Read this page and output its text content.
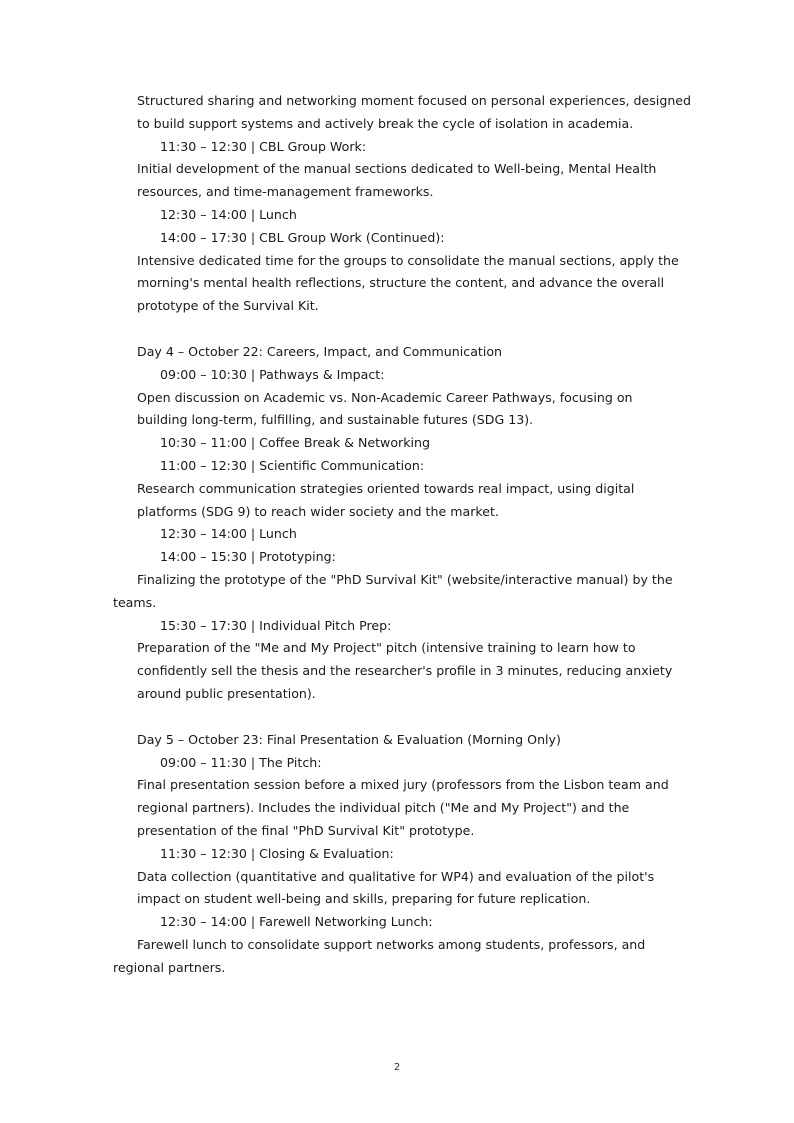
Structured sharing and networking moment focused on personal experiences, designed
to build support systems and actively break the cycle of isolation in academia.
11:30 – 12:30 | CBL Group Work:
Initial development of the manual sections dedicated to Well-being, Mental Health
resources, and time-management frameworks.
12:30 – 14:00 | Lunch
14:00 – 17:30 | CBL Group Work (Continued):
Intensive dedicated time for the groups to consolidate the manual sections, apply the
morning's mental health reflections, structure the content, and advance the overall
prototype of the Survival Kit.
Day 4 – October 22: Careers, Impact, and Communication
09:00 – 10:30 | Pathways & Impact:
Open discussion on Academic vs. Non-Academic Career Pathways, focusing on
building long-term, fulfilling, and sustainable futures (SDG 13).
10:30 – 11:00 | Coffee Break & Networking
11:00 – 12:30 | Scientific Communication:
Research communication strategies oriented towards real impact, using digital
platforms (SDG 9) to reach wider society and the market.
12:30 – 14:00 | Lunch
14:00 – 15:30 | Prototyping:
Finalizing the prototype of the "PhD Survival Kit" (website/interactive manual) by the
teams.
15:30 – 17:30 | Individual Pitch Prep:
Preparation of the "Me and My Project" pitch (intensive training to learn how to
confidently sell the thesis and the researcher's profile in 3 minutes, reducing anxiety
around public presentation).
Day 5 – October 23: Final Presentation & Evaluation (Morning Only)
09:00 – 11:30 | The Pitch:
Final presentation session before a mixed jury (professors from the Lisbon team and
regional partners). Includes the individual pitch ("Me and My Project") and the
presentation of the final "PhD Survival Kit" prototype.
11:30 – 12:30 | Closing & Evaluation:
Data collection (quantitative and qualitative for WP4) and evaluation of the pilot's
impact on student well-being and skills, preparing for future replication.
12:30 – 14:00 | Farewell Networking Lunch:
Farewell lunch to consolidate support networks among students, professors, and
regional partners.
2
